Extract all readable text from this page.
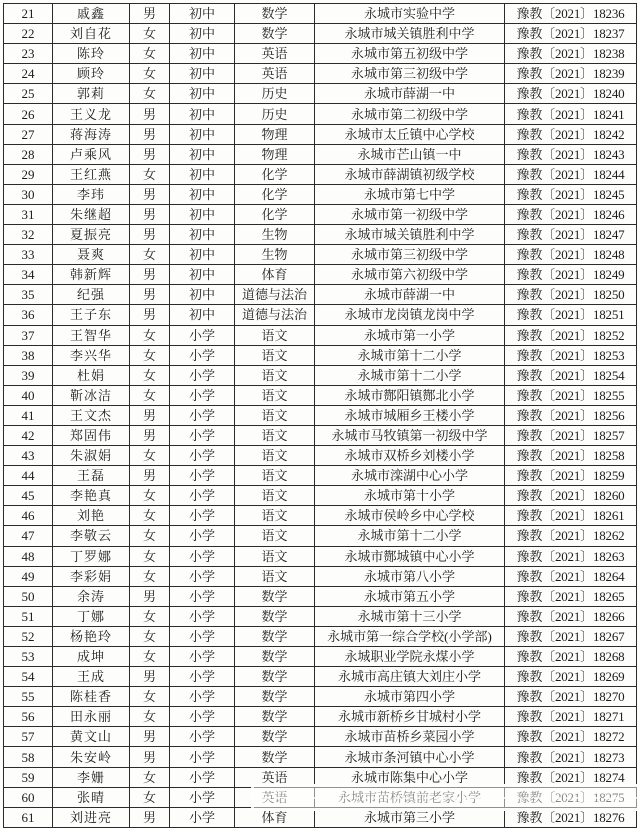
21	戚鑫	男	初中	数学	永城市实验中学	豫教〔2021〕18236
22	刘自花	女	初中	数学	永城市城关镇胜利中学	豫教〔2021〕18237
23	陈玲	女	初中	英语	永城市第五初级中学	豫教〔2021〕18238
24	顾玲	女	初中	英语	永城市第三初级中学	豫教〔2021〕18239
25	郭莉	女	初中	历史	永城市薛湖一中	豫教〔2021〕18240
26	王义龙	男	初中	历史	永城市第二初级中学	豫教〔2021〕18241
27	蒋海涛	男	初中	物理	永城市太丘镇中心学校	豫教〔2021〕18242
28	卢乘风	男	初中	物理	永城市芒山镇一中	豫教〔2021〕18243
29	王红燕	女	初中	化学	永城市薛湖镇初级学校	豫教〔2021〕18244
30	李玮	男	初中	化学	永城市第七中学	豫教〔2021〕18245
31	朱继超	男	初中	化学	永城市第一初级中学	豫教〔2021〕18246
32	夏振亮	男	初中	生物	永城市城关镇胜利中学	豫教〔2021〕18247
33	聂爽	女	初中	生物	永城市第三初级中学	豫教〔2021〕18248
34	韩新辉	男	初中	体育	永城市第六初级中学	豫教〔2021〕18249
35	纪强	男	初中	道德与法治	永城市薛湖一中	豫教〔2021〕18250
36	王子东	男	初中	道德与法治	永城市龙岗镇龙岗中学	豫教〔2021〕18251
37	王智华	女	小学	语文	永城市第一小学	豫教〔2021〕18252
38	李兴华	女	小学	语文	永城市第十二小学	豫教〔2021〕18253
39	杜娟	女	小学	语文	永城市第十二小学	豫教〔2021〕18254
40	靳冰洁	女	小学	语文	永城市酂阳镇酂北小学	豫教〔2021〕18255
41	王文杰	男	小学	语文	永城市城厢乡王楼小学	豫教〔2021〕18256
42	郑固伟	男	小学	语文	永城市马牧镇第一初级中学	豫教〔2021〕18257
43	朱淑娟	女	小学	语文	永城市双桥乡刘楼小学	豫教〔2021〕18258
44	王磊	男	小学	语文	永城市滦湖中心小学	豫教〔2021〕18259
45	李艳真	女	小学	语文	永城市第十小学	豫教〔2021〕18260
46	刘艳	女	小学	语文	永城市侯岭乡中心学校	豫教〔2021〕18261
47	李敬云	女	小学	语文	永城市第十二小学	豫教〔2021〕18262
48	丁罗娜	女	小学	语文	永城市酂城镇中心小学	豫教〔2021〕18263
49	李彩娟	女	小学	语文	永城市第八小学	豫教〔2021〕18264
50	余涛	男	小学	数学	永城市第五小学	豫教〔2021〕18265
51	丁娜	女	小学	数学	永城市第十三小学	豫教〔2021〕18266
52	杨艳玲	女	小学	数学	永城市第一综合学校(小学部)	豫教〔2021〕18267
53	成坤	女	小学	数学	永城职业学院永煤小学	豫教〔2021〕18268
54	王成	男	小学	数学	永城市高庄镇大刘庄小学	豫教〔2021〕18269
55	陈桂香	女	小学	数学	永城市第四小学	豫教〔2021〕18270
56	田永丽	女	小学	数学	永城市新桥乡甘城村小学	豫教〔2021〕18271
57	黄文山	男	小学	数学	永城市苗桥乡菜园小学	豫教〔2021〕18272
58	朱安岭	男	小学	数学	永城市条河镇中心小学	豫教〔2021〕18273
59	李姗	女	小学	英语	永城市陈集中心小学	豫教〔2021〕18274
60	张晴	女	小学	英语	永城市苗桥镇前老家小学	豫教〔2021〕18275
61	刘进亮	男	小学	体育	永城市第三小学	豫教〔2021〕18276
